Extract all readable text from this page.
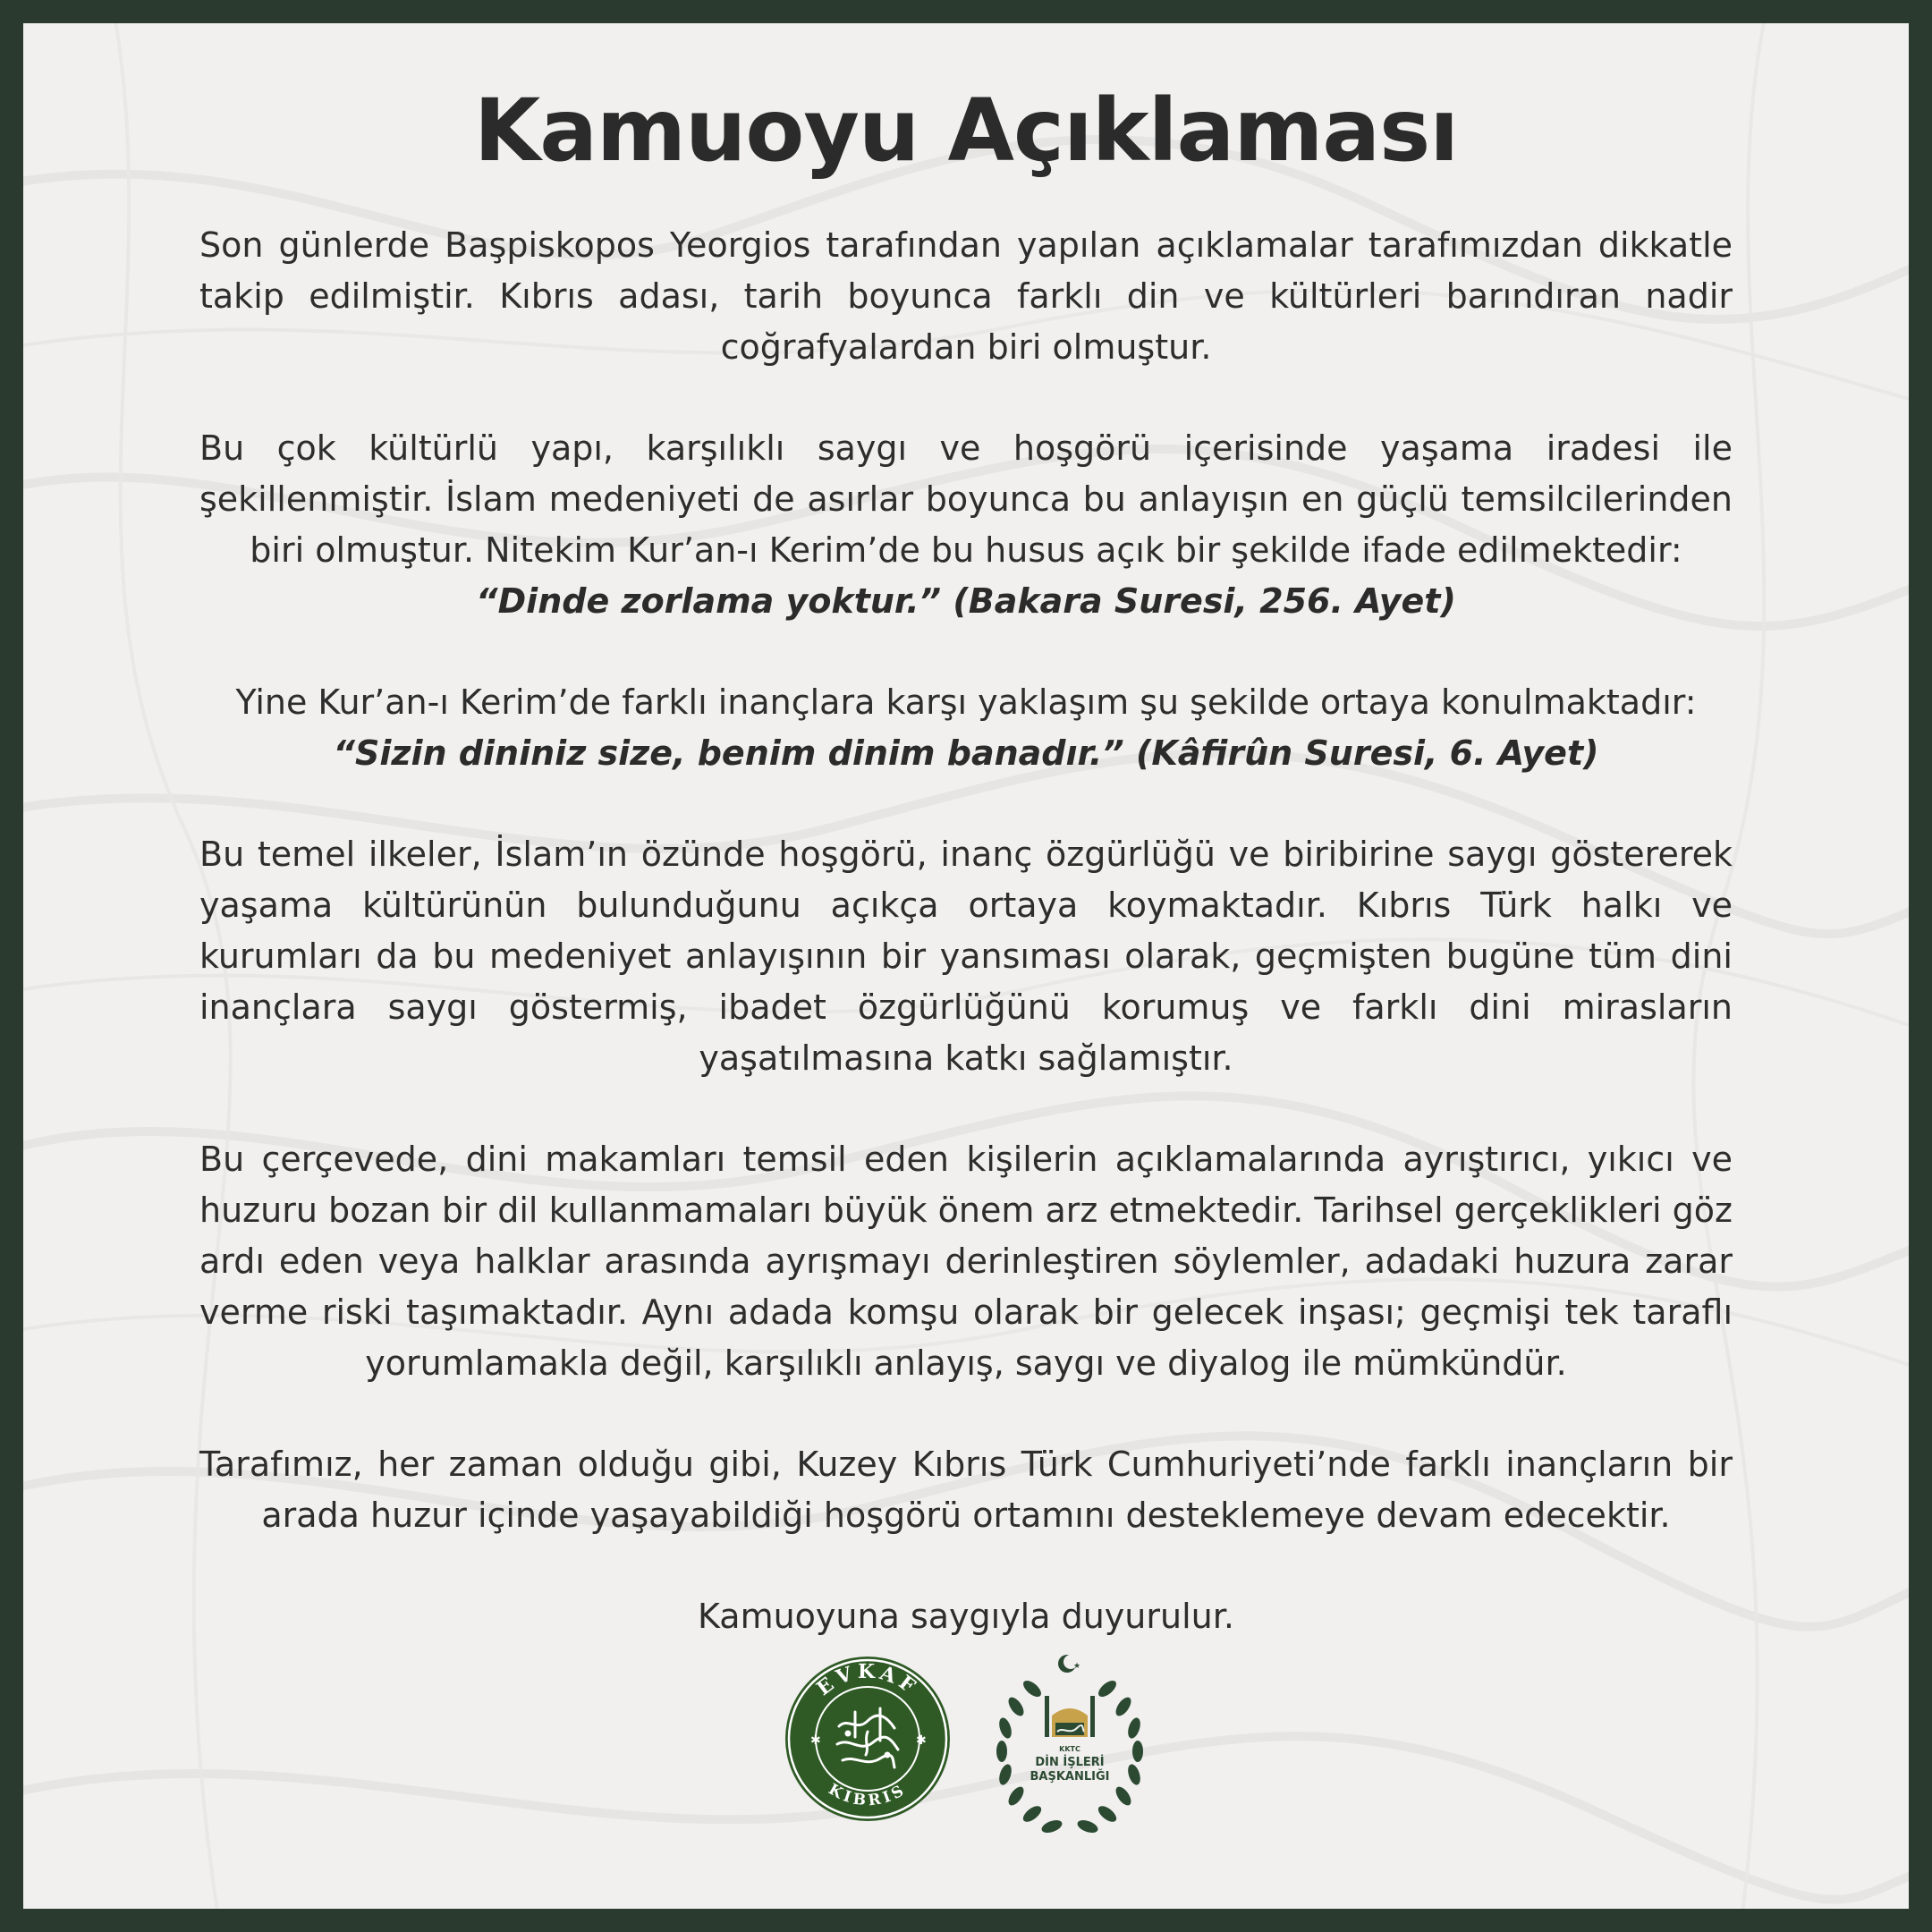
Kamuoyu Açıklaması

Son günlerde Başpiskopos Yeorgios tarafından yapılan açıklamalar tarafımızdan dikkatle takip edilmiştir. Kıbrıs adası, tarih boyunca farklı din ve kültürleri barındıran nadir coğrafyalardan biri olmuştur.

Bu çok kültürlü yapı, karşılıklı saygı ve hoşgörü içerisinde yaşama iradesi ile şekillenmiştir. İslam medeniyeti de asırlar boyunca bu anlayışın en güçlü temsilcilerinden biri olmuştur. Nitekim Kur’an-ı Kerim’de bu husus açık bir şekilde ifade edilmektedir:
“Dinde zorlama yoktur.” (Bakara Suresi, 256. Ayet)

Yine Kur’an-ı Kerim’de farklı inançlara karşı yaklaşım şu şekilde ortaya konulmaktadır:
“Sizin dininiz size, benim dinim banadır.” (Kâfirûn Suresi, 6. Ayet)

Bu temel ilkeler, İslam’ın özünde hoşgörü, inanç özgürlüğü ve biribirine saygı göstererek yaşama kültürünün bulunduğunu açıkça ortaya koymaktadır. Kıbrıs Türk halkı ve kurumları da bu medeniyet anlayışının bir yansıması olarak, geçmişten bugüne tüm dini inançlara saygı göstermiş, ibadet özgürlüğünü korumuş ve farklı dini mirasların yaşatılmasına katkı sağlamıştır.

Bu çerçevede, dini makamları temsil eden kişilerin açıklamalarında ayrıştırıcı, yıkıcı ve huzuru bozan bir dil kullanmamaları büyük önem arz etmektedir. Tarihsel gerçeklikleri göz ardı eden veya halklar arasında ayrışmayı derinleştiren söylemler, adadaki huzura zarar verme riski taşımaktadır. Aynı adada komşu olarak bir gelecek inşası; geçmişi tek taraflı yorumlamakla değil, karşılıklı anlayış, saygı ve diyalog ile mümkündür.

Tarafımız, her zaman olduğu gibi, Kuzey Kıbrıs Türk Cumhuriyeti’nde farklı inançların bir arada huzur içinde yaşayabildiği hoşgörü ortamını desteklemeye devam edecektir.

Kamuoyuna saygıyla duyurulur.

EVKAF
KIBRIS
✱	✱
★
KKTC
DİN İŞLERİ
BAŞKANLIĞI
